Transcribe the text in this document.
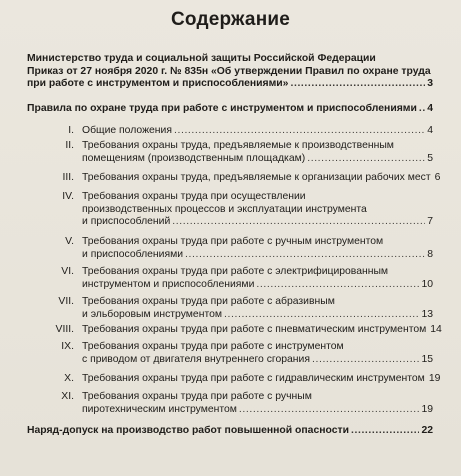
Содержание
Министерство труда и социальной защиты Российской Федерации
Приказ от 27 ноября 2020 г. № 835н «Об утверждении Правил по охране труда
при работе с инструментом и приспособлениями» .....	3
Правила по охране труда при работе с инструментом и приспособлениями ..... 4
I. Общие положения .....	4
II. Требования охраны труда, предъявляемые к производственным
помещениям (производственным площадкам) .....	5
III. Требования охраны труда, предъявляемые к организации рабочих мест 6
IV. Требования охраны труда при осуществлении
производственных процессов и эксплуатации инструмента
и приспособлений .....	7
V. Требования охраны труда при работе с ручным инструментом
и приспособлениями .....	8
VI. Требования охраны труда при работе с электрифицированным
инструментом и приспособлениями .....	10
VII. Требования охраны труда при работе с абразивным
и эльборовым инструментом .....	13
VIII. Требования охраны труда при работе с пневматическим инструментом 14
IX. Требования охраны труда при работе с инструментом
с приводом от двигателя внутреннего сгорания .....	15
X. Требования охраны труда при работе с гидравлическим инструментом 19
XI. Требования охраны труда при работе с ручным
пиротехническим инструментом .....	19
Наряд-допуск на производство работ повышенной опасности .....	22
